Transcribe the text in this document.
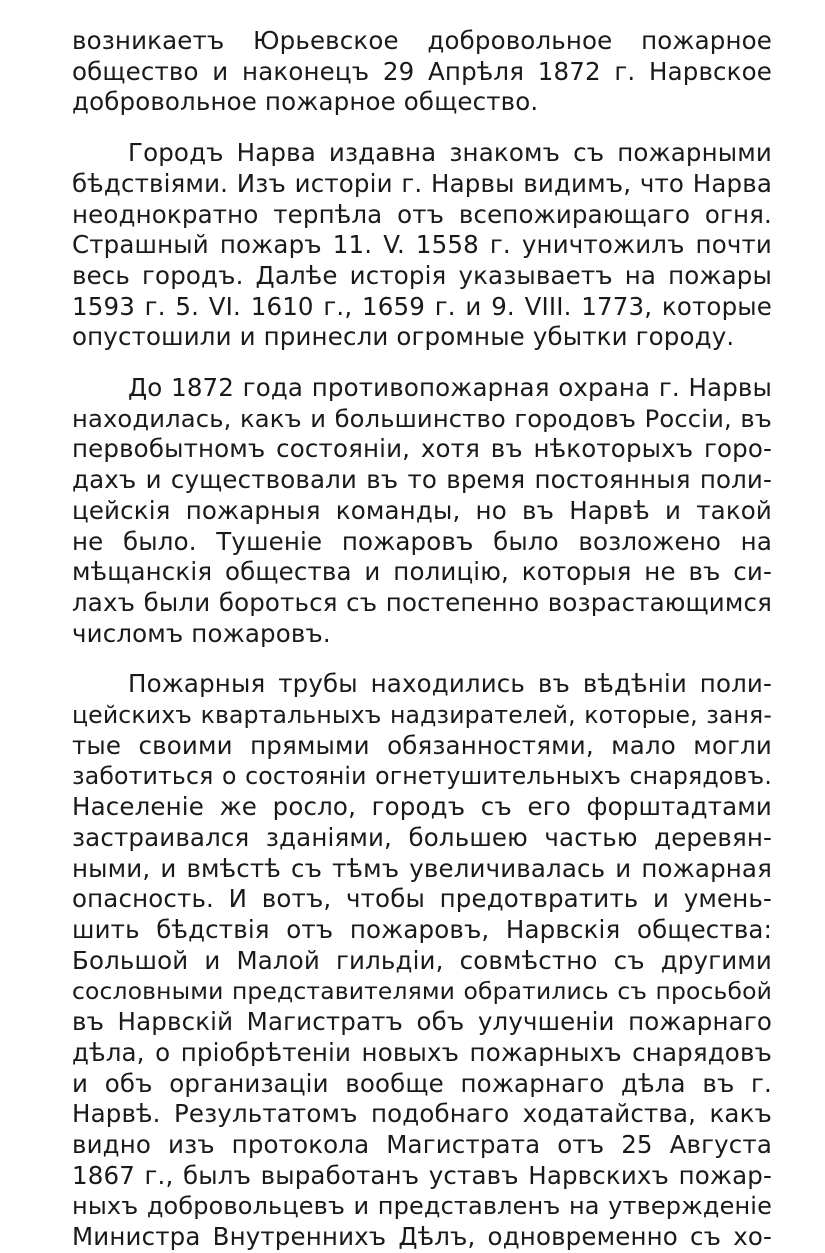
возникаетъ Юрьевское добровольное пожарное
общество и наконецъ 29 Апрѣля 1872 г. Нарвское
добровольное пожарное общество.
Городъ Нарва издавна знакомъ съ пожарными
бѣдствіями. Изъ исторіи г. Нарвы видимъ, что Нарва
неоднократно терпѣла отъ всепожирающаго огня.
Страшный пожаръ 11. V. 1558 г. уничтожилъ почти
весь городъ. Далѣе исторія указываетъ на пожары
1593 г. 5. VI. 1610 г., 1659 г. и 9. VIII. 1773, которые
опустошили и принесли огромные убытки городу.
До 1872 года противопожарная охрана г. Нарвы
находилась, какъ и большинство городовъ Россіи, въ
первобытномъ состояніи, хотя въ нѣкоторыхъ горо-
дахъ и существовали въ то время постоянныя поли-
цейскія пожарныя команды, но въ Нарвѣ и такой
не было. Тушеніе пожаровъ было возложено на
мѣщанскія общества и полицію, которыя не въ си-
лахъ были бороться съ постепенно возрастающимся
числомъ пожаровъ.
Пожарныя трубы находились въ вѣдѣніи поли-
цейскихъ квартальныхъ надзирателей, которые, заня-
тые своими прямыми обязанностями, мало могли
заботиться о состояніи огнетушительныхъ снарядовъ.
Населеніе же росло, городъ съ его форштадтами
застраивался зданіями, большею частью деревян-
ными, и вмѣстѣ съ тѣмъ увеличивалась и пожарная
опасность. И вотъ, чтобы предотвратить и умень-
шить бѣдствія отъ пожаровъ, Нарвскія общества:
Большой и Малой гильдіи, совмѣстно съ другими
сословными представителями обратились съ просьбой
въ Нарвскій Магистратъ объ улучшеніи пожарнаго
дѣла, о пріобрѣтеніи новыхъ пожарныхъ снарядовъ
и объ организаціи вообще пожарнаго дѣла въ г.
Нарвѣ. Результатомъ подобнаго ходатайства, какъ
видно изъ протокола Магистрата отъ 25 Августа
1867 г., былъ выработанъ уставъ Нарвскихъ пожар-
ныхъ добровольцевъ и представленъ на утвержденіе
Министра Внутреннихъ Дѣлъ, одновременно съ хо-
